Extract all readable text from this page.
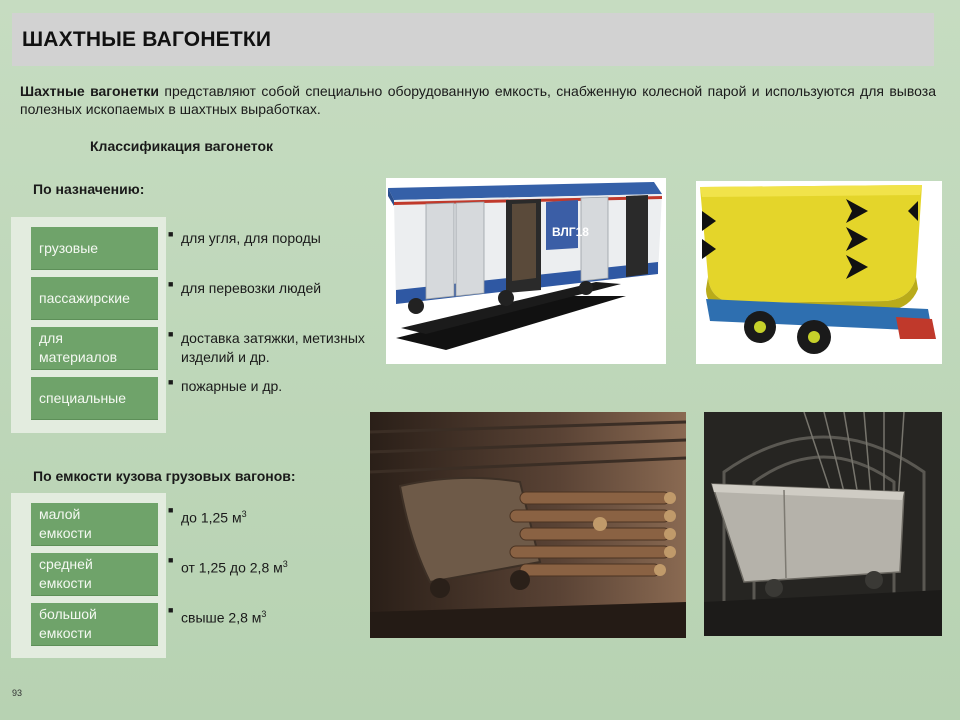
ШАХТНЫЕ ВАГОНЕТКИ
Шахтные вагонетки представляют собой специально оборудованную емкость, снабженную колесной парой и используются для вывоза полезных ископаемых в шахтных выработках.
Классификация вагонеток
По назначению:
грузовые
пассажирские
для материалов
специальные
■ для угля, для породы
■ для перевозки людей
■ доставка затяжки, метизных изделий и др.
■ пожарные и др.
По емкости кузова грузовых вагонов:
малой емкости
средней емкости
большой емкости
■ до 1,25 $м^3$
■ от 1,25 до 2,8 $м^3$
■ свыше 2,8 $м^3$
ВЛГ18
93
